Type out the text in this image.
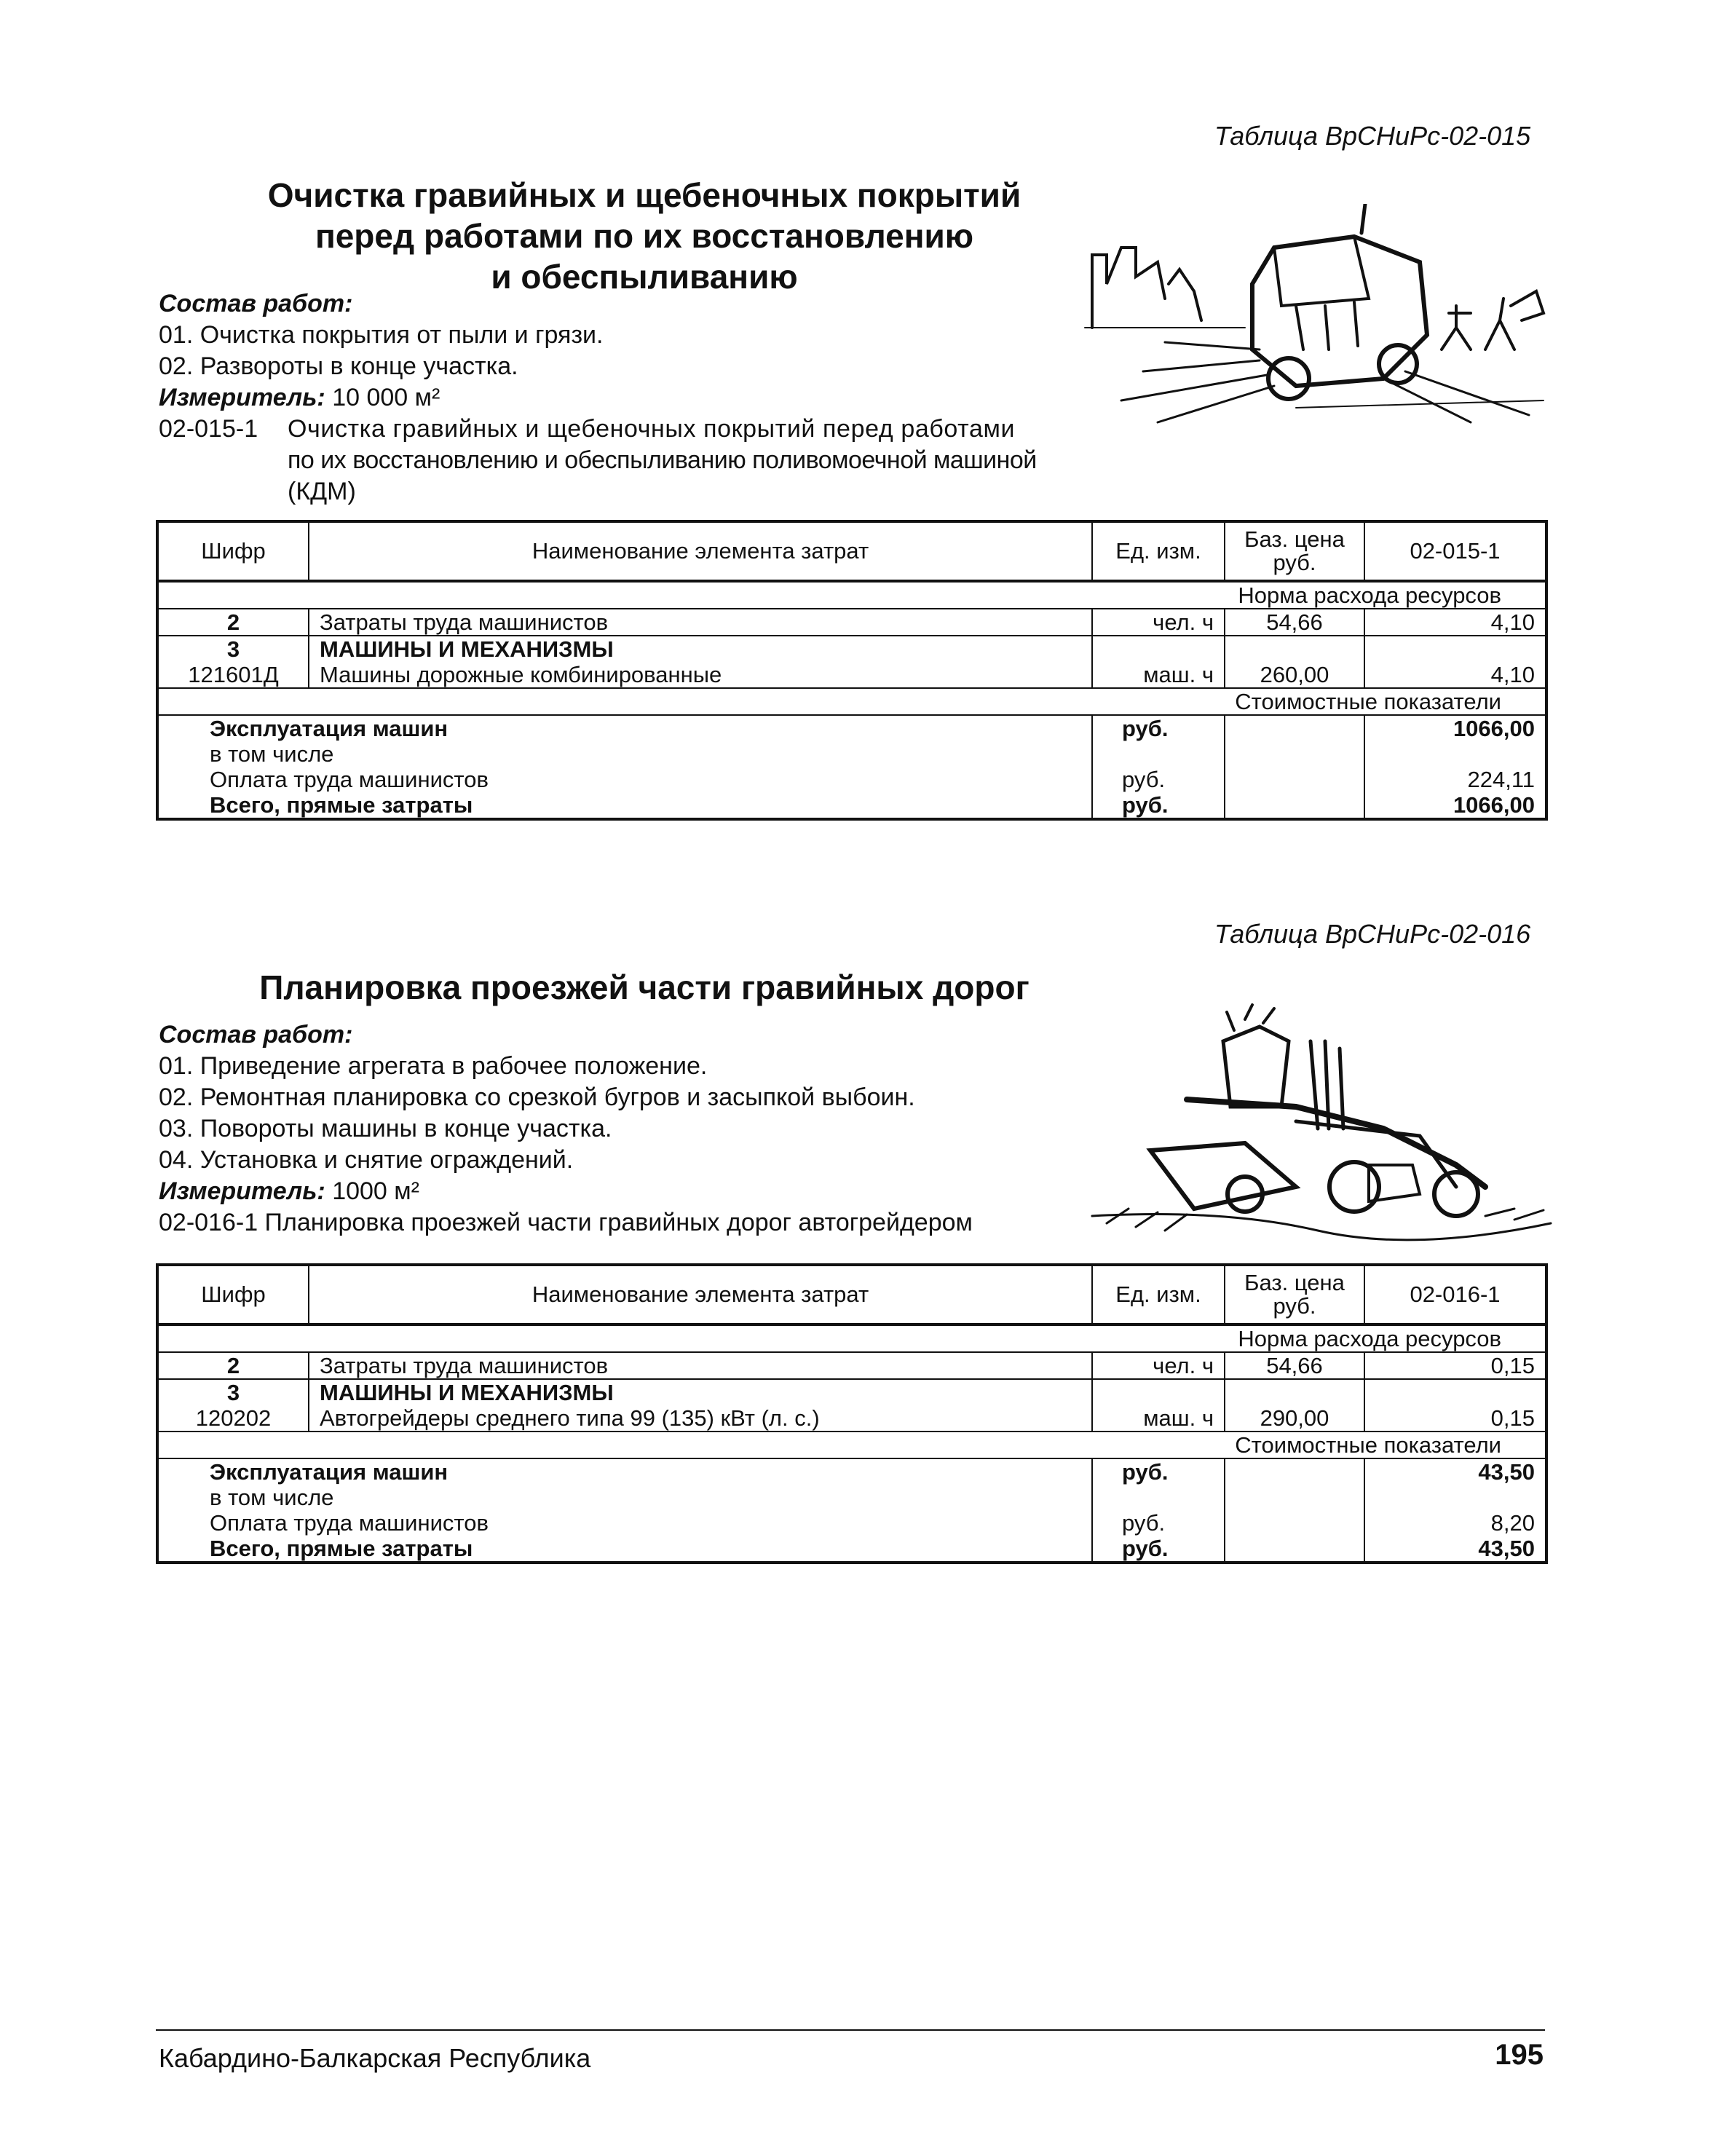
Таблица ВрСНиРс-02-015
Очистка гравийных и щебеночных покрытий
перед работами по их восстановлению
и обеспыливанию
Состав работ:
01. Очистка покрытия от пыли и грязи.
02. Развороты в конце участка.
Измеритель: 10 000 м²
02-015-1 Очистка гравийных и щебеночных покрытий перед работами
по их восстановлению и обеспыливанию поливомоечной машиной
(КДМ)
Шифр	Наименование элемента затрат	Ед. изм.	Баз. цена руб.	02-015-1
Норма расхода ресурсов				
2	Затраты труда машинистов	чел. ч	54,66	4,10
3	МАШИНЫ И МЕХАНИЗМЫ			
121601Д	Машины дорожные комбинированные	маш. ч	260,00	4,10
Стоимостные показатели				
Эксплуатация машин		руб.		1066,00
в том числе				
Оплата труда машинистов		руб.		224,11
Всего, прямые затраты		руб.		1066,00
Таблица ВрСНиРс-02-016
Планировка проезжей части гравийных дорог
Состав работ:
01. Приведение агрегата в рабочее положение.
02. Ремонтная планировка со срезкой бугров и засыпкой выбоин.
03. Повороты машины в конце участка.
04. Установка и снятие ограждений.
Измеритель: 1000 м²
02-016-1 Планировка проезжей части гравийных дорог автогрейдером
Шифр	Наименование элемента затрат	Ед. изм.	Баз. цена руб.	02-016-1
Норма расхода ресурсов				
2	Затраты труда машинистов	чел. ч	54,66	0,15
3	МАШИНЫ И МЕХАНИЗМЫ			
120202	Автогрейдеры среднего типа 99 (135) кВт (л. с.)	маш. ч	290,00	0,15
Стоимостные показатели				
Эксплуатация машин		руб.		43,50
в том числе				
Оплата труда машинистов		руб.		8,20
Всего, прямые затраты		руб.		43,50
Кабардино-Балкарская Республика	195
